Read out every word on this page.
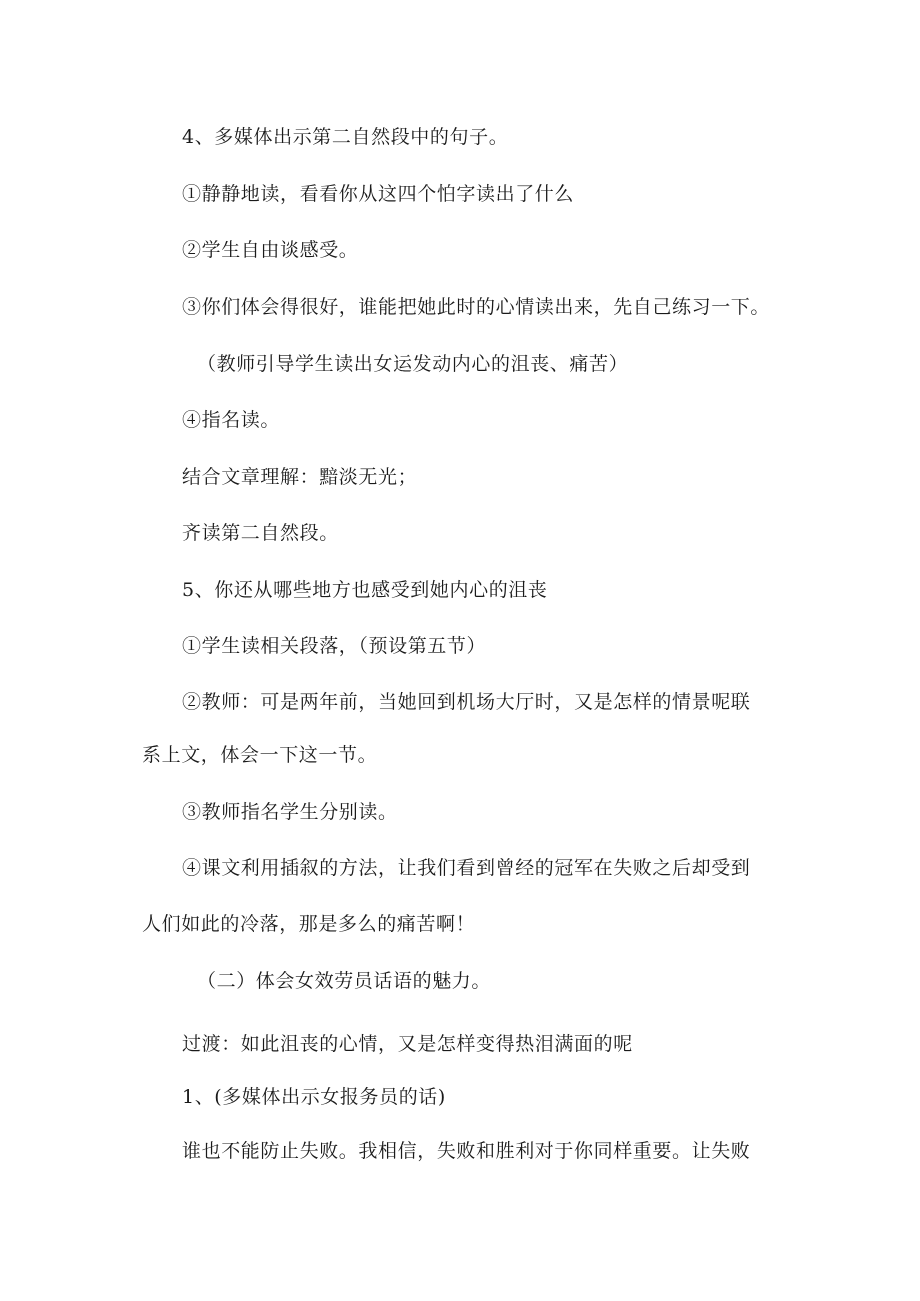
4、多媒体出示第二自然段中的句子。
①静静地读，看看你从这四个怕字读出了什么
②学生自由谈感受。
③你们体会得很好，谁能把她此时的心情读出来，先自己练习一下。
（教师引导学生读出女运发动内心的沮丧、痛苦）
④指名读。
结合文章理解：黯淡无光；
齐读第二自然段。
5、你还从哪些地方也感受到她内心的沮丧
①学生读相关段落，（预设第五节）
②教师：可是两年前，当她回到机场大厅时，又是怎样的情景呢联
系上文，体会一下这一节。
③教师指名学生分别读。
④课文利用插叙的方法，让我们看到曾经的冠军在失败之后却受到
人们如此的冷落，那是多么的痛苦啊！
（二）体会女效劳员话语的魅力。
过渡：如此沮丧的心情，又是怎样变得热泪满面的呢
1、(多媒体出示女报务员的话)
谁也不能防止失败。我相信，失败和胜利对于你同样重要。让失败
